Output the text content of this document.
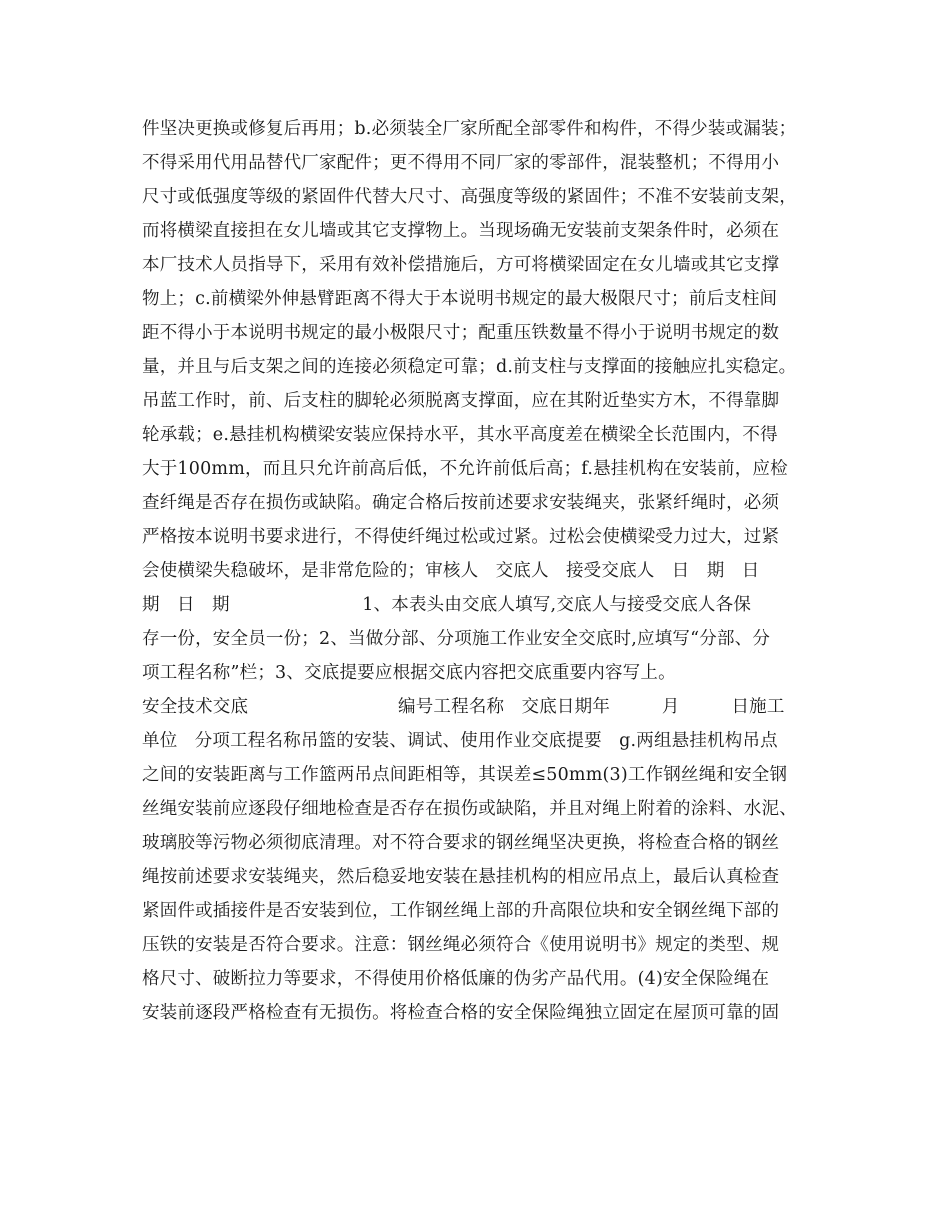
件坚决更换或修复后再用；b.必须装全厂家所配全部零件和构件，不得少装或漏装；
不得采用代用品替代厂家配件；更不得用不同厂家的零部件，混装整机；不得用小
尺寸或低强度等级的紧固件代替大尺寸、高强度等级的紧固件；不准不安装前支架，
而将横梁直接担在女儿墙或其它支撑物上。当现场确无安装前支架条件时，必须在
本厂技术人员指导下，采用有效补偿措施后，方可将横梁固定在女儿墙或其它支撑
物上；c.前横梁外伸悬臂距离不得大于本说明书规定的最大极限尺寸；前后支柱间
距不得小于本说明书规定的最小极限尺寸；配重压铁数量不得小于说明书规定的数
量，并且与后支架之间的连接必须稳定可靠；d.前支柱与支撑面的接触应扎实稳定。
吊蓝工作时，前、后支柱的脚轮必须脱离支撑面，应在其附近垫实方木，不得靠脚
轮承载；e.悬挂机构横梁安装应保持水平，其水平高度差在横梁全长范围内，不得
大于100mm，而且只允许前高后低，不允许前低后高；f.悬挂机构在安装前，应检
查纤绳是否存在损伤或缺陷。确定合格后按前述要求安装绳夹，张紧纤绳时，必须
严格按本说明书要求进行，不得使纤绳过松或过紧。过松会使横梁受力过大，过紧
会使横梁失稳破坏，是非常危险的；审核人   交底人   接受交底人   日   期   日
期   日   期                       1、本表头由交底人填写,交底人与接受交底人各保
存一份，安全员一份；2、当做分部、分项施工作业安全交底时,应填写“分部、分
项工程名称”栏；3、交底提要应根据交底内容把交底重要内容写上。
安全技术交底                          编号工程名称   交底日期年         月         日施工
单位   分项工程名称吊篮的安装、调试、使用作业交底提要   g.两组悬挂机构吊点
之间的安装距离与工作篮两吊点间距相等，其误差≤50mm(3)工作钢丝绳和安全钢
丝绳安装前应逐段仔细地检查是否存在损伤或缺陷，并且对绳上附着的涂料、水泥、
玻璃胶等污物必须彻底清理。对不符合要求的钢丝绳坚决更换，将检查合格的钢丝
绳按前述要求安装绳夹，然后稳妥地安装在悬挂机构的相应吊点上，最后认真检查
紧固件或插接件是否安装到位，工作钢丝绳上部的升高限位块和安全钢丝绳下部的
压铁的安装是否符合要求。注意：钢丝绳必须符合《使用说明书》规定的类型、规
格尺寸、破断拉力等要求，不得使用价格低廉的伪劣产品代用。(4)安全保险绳在
安装前逐段严格检查有无损伤。将检查合格的安全保险绳独立固定在屋顶可靠的固
